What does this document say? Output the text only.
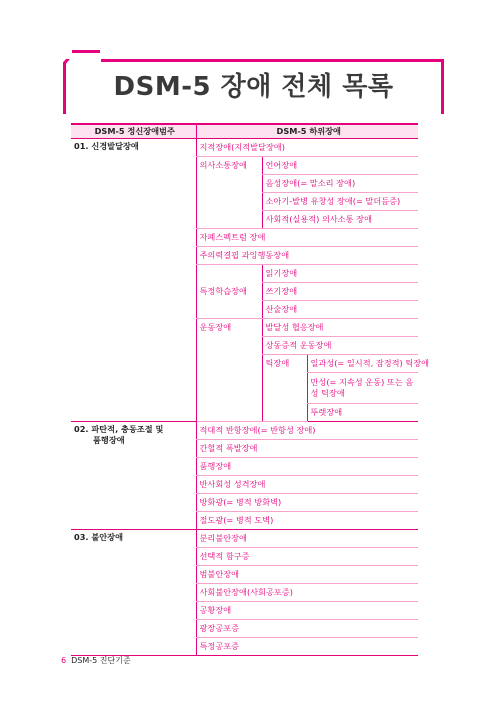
DSM-5 장애 전체 목록
DSM-5 정신장애범주	DSM-5 하위장애		

01. 신경발달장애	지적장애(지적발달장애)		
	의사소통장애	언어장애	
		음성장애(= 말소리 장애)	
		소아기-발병 유창성 장애(= 말더듬증)	
		사회적(실용적) 의사소통 장애	
	자폐스펙트럼 장애		
	주의력결핍 과잉행동장애		
	특정학습장애	읽기장애	
		쓰기장애	
		산술장애	
	운동장애	발달성 협응장애	
		상동증적 운동장애	
		틱장애	일과성(= 일시적, 잠정적) 틱장애
			만성(= 지속성 운동) 또는 음성 틱장애
			뚜렛장애

02. 파탄적, 충동조절 및
품행장애	적대적 반항장애(= 반항성 장애)		
	간헐적 폭발장애		
	품행장애		
	반사회성 성격장애		
	방화광(= 병적 방화벽)		
	절도광(= 병적 도벽)		

03. 불안장애	분리불안장애		
	선택적 함구증		
	범불안장애		
	사회불안장애(사회공포증)		
	공황장애		
	광장공포증		
	특정공포증		
6 DSM-5 진단기준
